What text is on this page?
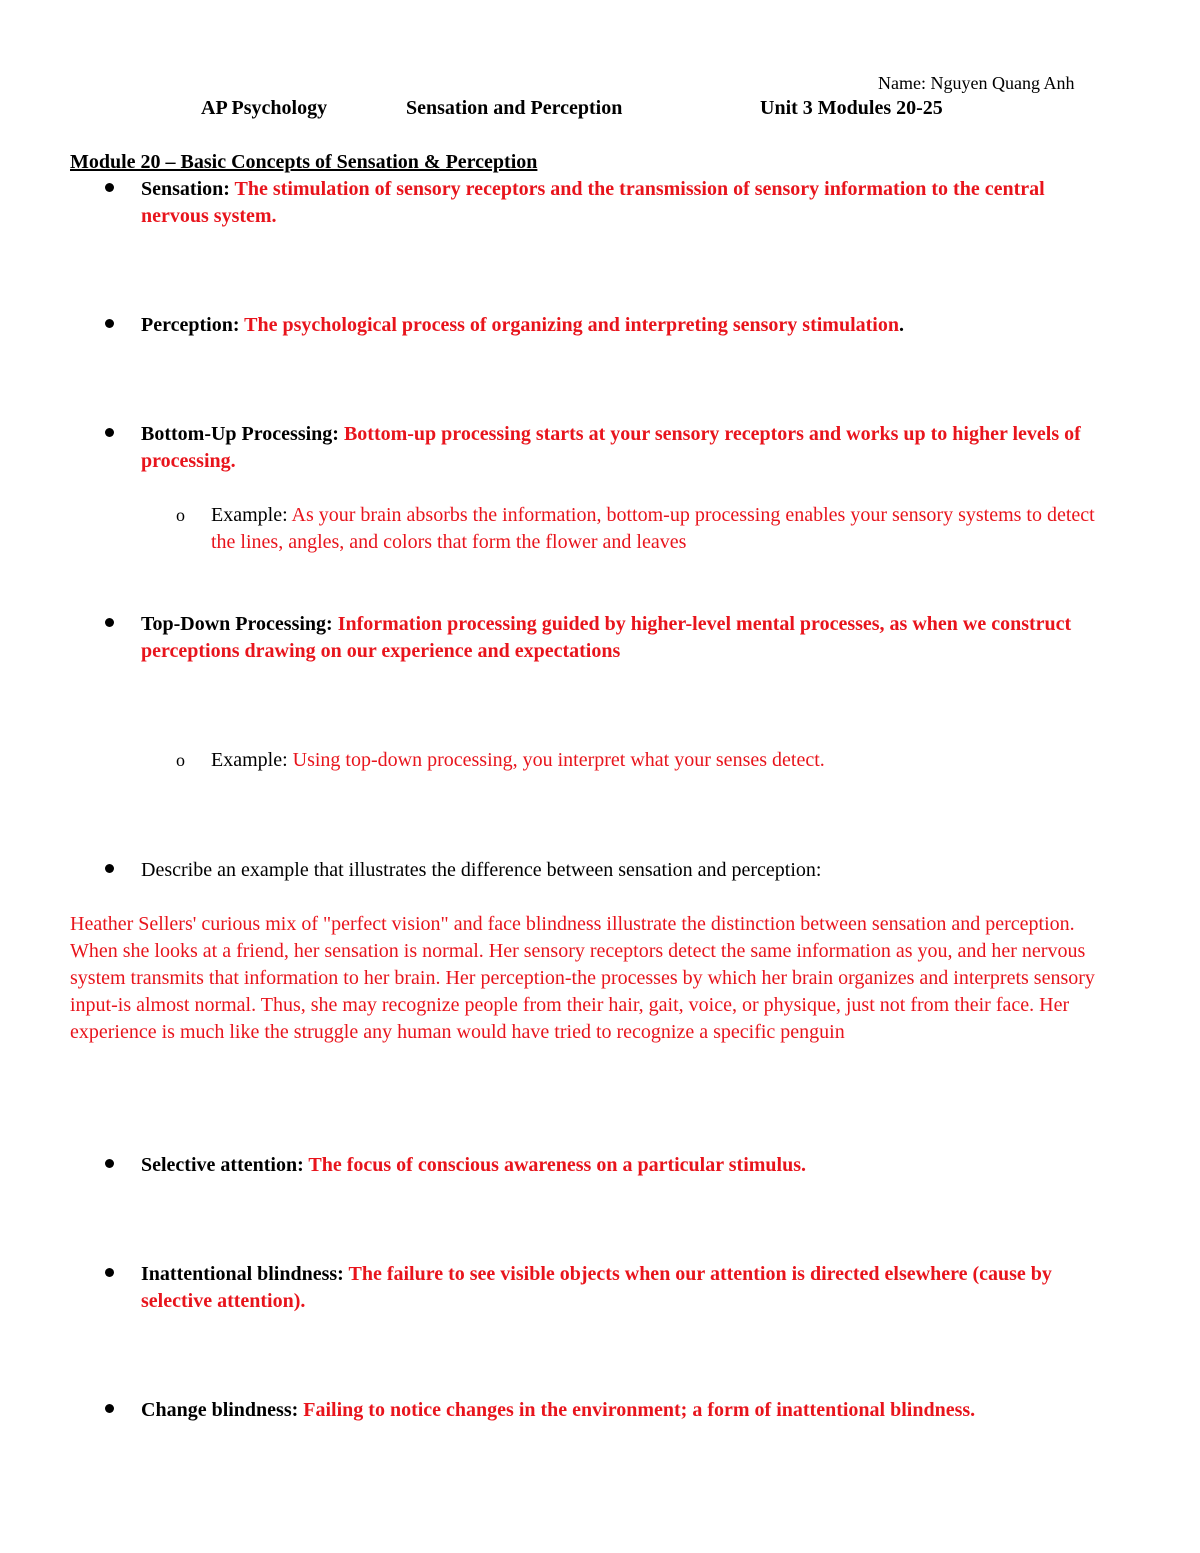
Name: Nguyen Quang Anh
AP Psychology	Sensation and Perception	Unit 3 Modules 20-25
Module 20 – Basic Concepts of Sensation & Perception
Sensation: The stimulation of sensory receptors and the transmission of sensory information to the central nervous system.
Perception: The psychological process of organizing and interpreting sensory stimulation.
Bottom-Up Processing: Bottom-up processing starts at your sensory receptors and works up to higher levels of processing.
o Example: As your brain absorbs the information, bottom-up processing enables your sensory systems to detect the lines, angles, and colors that form the flower and leaves
Top-Down Processing: Information processing guided by higher-level mental processes, as when we construct perceptions drawing on our experience and expectations
o Example: Using top-down processing, you interpret what your senses detect.
Describe an example that illustrates the difference between sensation and perception:
Heather Sellers' curious mix of "perfect vision" and face blindness illustrate the distinction between sensation and perception. When she looks at a friend, her sensation is normal. Her sensory receptors detect the same information as you, and her nervous system transmits that information to her brain. Her perception-the processes by which her brain organizes and interprets sensory input-is almost normal. Thus, she may recognize people from their hair, gait, voice, or physique, just not from their face. Her experience is much like the struggle any human would have tried to recognize a specific penguin
Selective attention: The focus of conscious awareness on a particular stimulus.
Inattentional blindness: The failure to see visible objects when our attention is directed elsewhere (cause by selective attention).
Change blindness: Failing to notice changes in the environment; a form of inattentional blindness.
